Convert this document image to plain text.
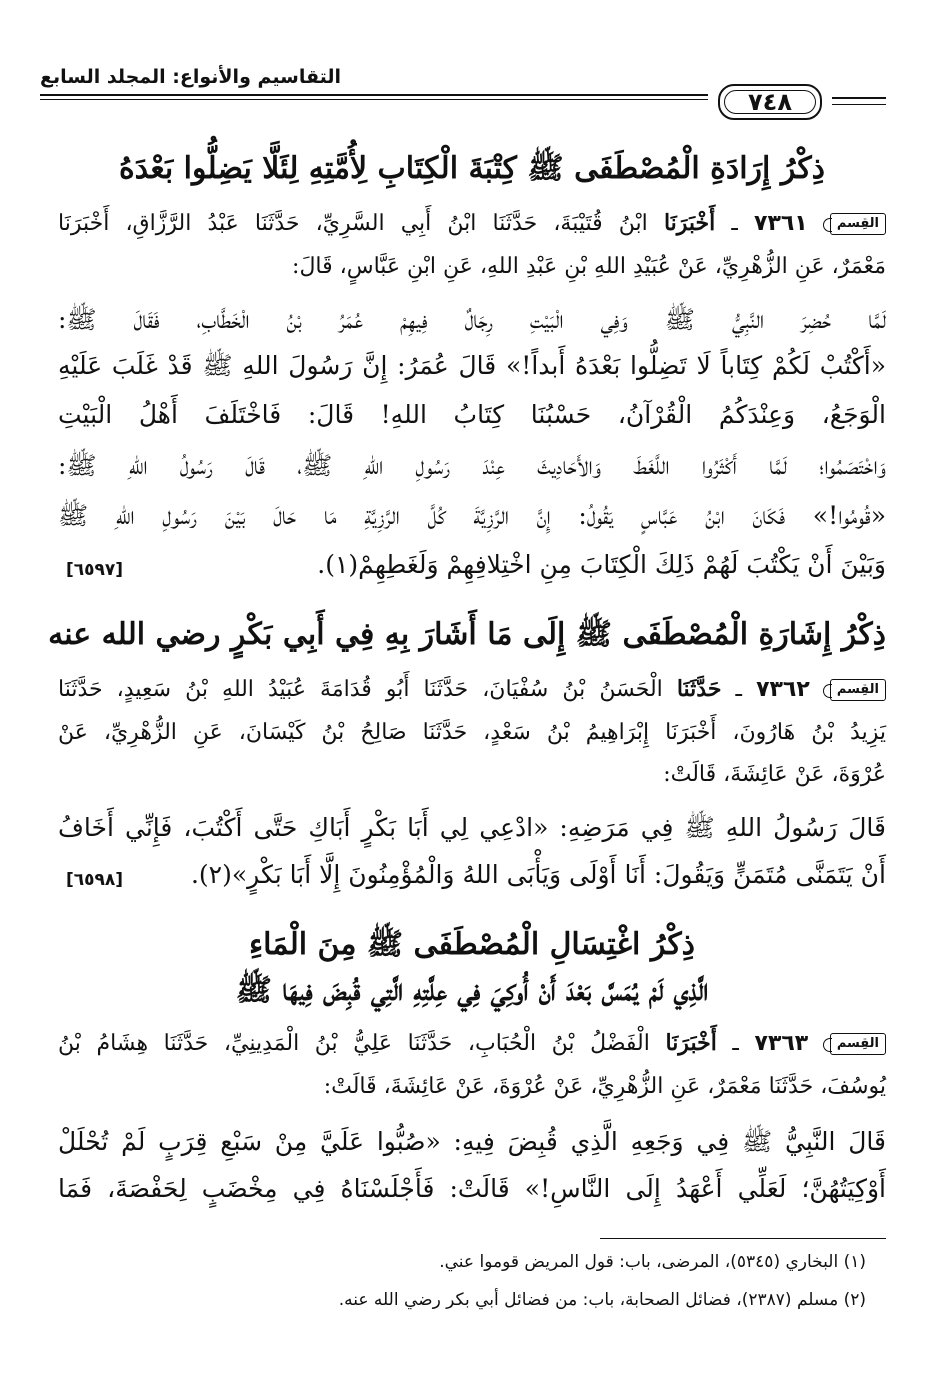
التقاسيم والأنواع: المجلد السابع
٧٤٨
ذِكْرُ إِرَادَةِ الْمُصْطَفَى ﷺ كِتْبَةَ الْكِتَابِ لِأُمَّتِهِ لِئَلَّا يَضِلُّوا بَعْدَهُ
القِسم ٧٣٦١ ـ أَخْبَرَنَا ابْنُ قُتَيْبَةَ، حَدَّثَنَا ابْنُ أَبِي السَّرِيِّ، حَدَّثَنَا عَبْدُ الرَّزَّاقِ، أَخْبَرَنَا
مَعْمَرٌ، عَنِ الزُّهْرِيِّ، عَنْ عُبَيْدِ اللهِ بْنِ عَبْدِ اللهِ، عَنِ ابْنِ عَبَّاسٍ، قَالَ:
لَمَّا حُضِرَ النَّبِيُّ ﷺ وَفِي الْبَيْتِ رِجَالٌ فِيهِمْ عُمَرُ بْنُ الْخَطَّابِ، فَقَالَ ﷺ:
«أَكْتُبْ لَكُمْ كِتَاباً لَا تَضِلُّوا بَعْدَهُ أَبداً!» قَالَ عُمَرُ: إِنَّ رَسُولَ اللهِ ﷺ قَدْ غَلَبَ عَلَيْهِ
الْوَجَعُ، وَعِنْدَكُمُ الْقُرْآنُ، حَسْبُنَا كِتَابُ اللهِ! قَالَ: فَاخْتَلَفَ أَهْلُ الْبَيْتِ
وَاخْتَصَمُوا؛ لَمَّا أَكْثَرُوا اللَّغَطَ وَالأَحَادِيثَ عِنْدَ رَسُولِ اللهِ ﷺ، قَالَ رَسُولُ اللهِ ﷺ:
«قُومُوا!» فَكَانَ ابْنُ عَبَّاسٍ يَقُولُ: إِنَّ الرَّزِيَّةَ كُلَّ الرَّزِيَّةِ مَا حَالَ بَيْنَ رَسُولِ اللهِ ﷺ
وَبَيْنَ أَنْ يَكْتُبَ لَهُمْ ذَلِكَ الْكِتَابَ مِنِ اخْتِلافِهِمْ وَلَغَطِهِمْ(١).
[٦٥٩٧]
ذِكْرُ إِشَارَةِ الْمُصْطَفَى ﷺ إِلَى مَا أَشَارَ بِهِ فِي أَبِي بَكْرٍ رضي الله عنه
القِسم ٧٣٦٢ ـ حَدَّثَنَا الْحَسَنُ بْنُ سُفْيَانَ، حَدَّثَنَا أَبُو قُدَامَةَ عُبَيْدُ اللهِ بْنُ سَعِيدٍ، حَدَّثَنَا
يَزِيدُ بْنُ هَارُونَ، أَخْبَرَنَا إِبْرَاهِيمُ بْنُ سَعْدٍ، حَدَّثَنَا صَالِحُ بْنُ كَيْسَانَ، عَنِ الزُّهْرِيِّ، عَنْ
عُرْوَةَ، عَنْ عَائِشَةَ، قَالَتْ:
قَالَ رَسُولُ اللهِ ﷺ فِي مَرَضِهِ: «ادْعِي لِي أَبَا بَكْرٍ أَبَاكِ حَتَّى أَكْتُبَ، فَإِنِّي أَخَافُ
أَنْ يَتَمَنَّى مُتَمَنٍّ وَيَقُولَ: أَنَا أَوْلَى وَيَأْبَى اللهُ وَالْمُؤْمِنُونَ إِلَّا أَبَا بَكْرٍ»(٢).
[٦٥٩٨]
ذِكْرُ اغْتِسَالِ الْمُصْطَفَى ﷺ مِنَ الْمَاءِ
الَّذِي لَمْ يُمَسَّ بَعْدَ أَنْ أُوكِيَ فِي عِلَّتِهِ الَّتِي قُبِضَ فِيهَا ﷺ
القِسم ٧٣٦٣ ـ أَخْبَرَنَا الْفَضْلُ بْنُ الْحُبَابِ، حَدَّثَنَا عَلِيُّ بْنُ الْمَدِينِيِّ، حَدَّثَنَا هِشَامُ بْنُ
يُوسُفَ، حَدَّثَنَا مَعْمَرٌ، عَنِ الزُّهْرِيِّ، عَنْ عُرْوَةَ، عَنْ عَائِشَةَ، قَالَتْ:
قَالَ النَّبِيُّ ﷺ فِي وَجَعِهِ الَّذِي قُبِضَ فِيهِ: «صُبُّوا عَلَيَّ مِنْ سَبْعِ قِرَبٍ لَمْ تُحْلَلْ
أَوْكِيَتُهُنَّ؛ لَعَلِّي أَعْهَدُ إِلَى النَّاسِ!» قَالَتْ: فَأَجْلَسْنَاهُ فِي مِخْضَبٍ لِحَفْصَةَ، فَمَا
(١) البخاري (٥٣٤٥)، المرضى، باب: قول المريض قوموا عني.
(٢) مسلم (٢٣٨٧)، فضائل الصحابة، باب: من فضائل أبي بكر رضي الله عنه.
